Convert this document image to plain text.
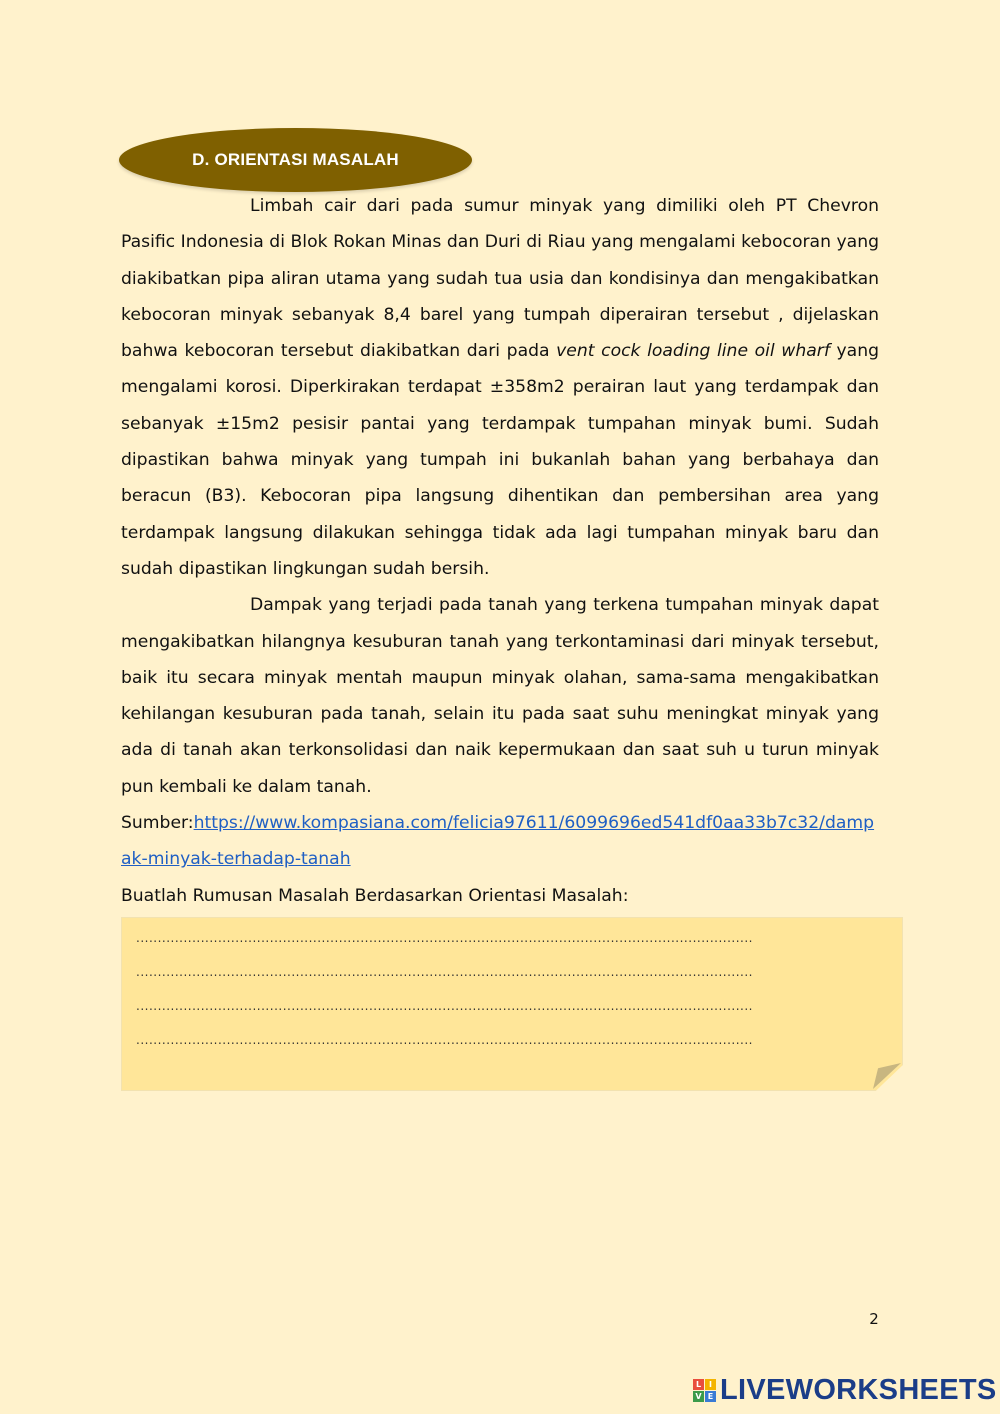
D. ORIENTASI MASALAH

Limbah cair dari pada sumur minyak yang dimiliki oleh PT Chevron Pasific Indonesia di Blok Rokan Minas dan Duri di Riau yang mengalami kebocoran yang diakibatkan pipa aliran utama yang sudah tua usia dan kondisinya dan mengakibatkan kebocoran minyak sebanyak 8,4 barel yang tumpah diperairan tersebut , dijelaskan bahwa kebocoran tersebut diakibatkan dari pada vent cock loading line oil wharf yang mengalami korosi. Diperkirakan terdapat ±358m2 perairan laut yang terdampak dan sebanyak ±15m2 pesisir pantai yang terdampak tumpahan minyak bumi. Sudah dipastikan bahwa minyak yang tumpah ini bukanlah bahan yang berbahaya dan beracun (B3). Kebocoran pipa langsung dihentikan dan pembersihan area yang terdampak langsung dilakukan sehingga tidak ada lagi tumpahan minyak baru dan sudah dipastikan lingkungan sudah bersih.

Dampak yang terjadi pada tanah yang terkena tumpahan minyak dapat mengakibatkan hilangnya kesuburan tanah yang terkontaminasi dari minyak tersebut, baik itu secara minyak mentah maupun minyak olahan, sama-sama mengakibatkan kehilangan kesuburan pada tanah, selain itu pada saat suhu meningkat minyak yang ada di tanah akan terkonsolidasi dan naik kepermukaan dan saat suh u turun minyak pun kembali ke dalam tanah.

Sumber:https://www.kompasiana.com/felicia97611/6099696ed541df0aa33b7c32/dampak-minyak-terhadap-tanah

Buatlah Rumusan Masalah Berdasarkan Orientasi Masalah:

...............................................................................................................................................
...............................................................................................................................................
...............................................................................................................................................
...............................................................................................................................................
2
L I
V E LIVEWORKSHEETS
